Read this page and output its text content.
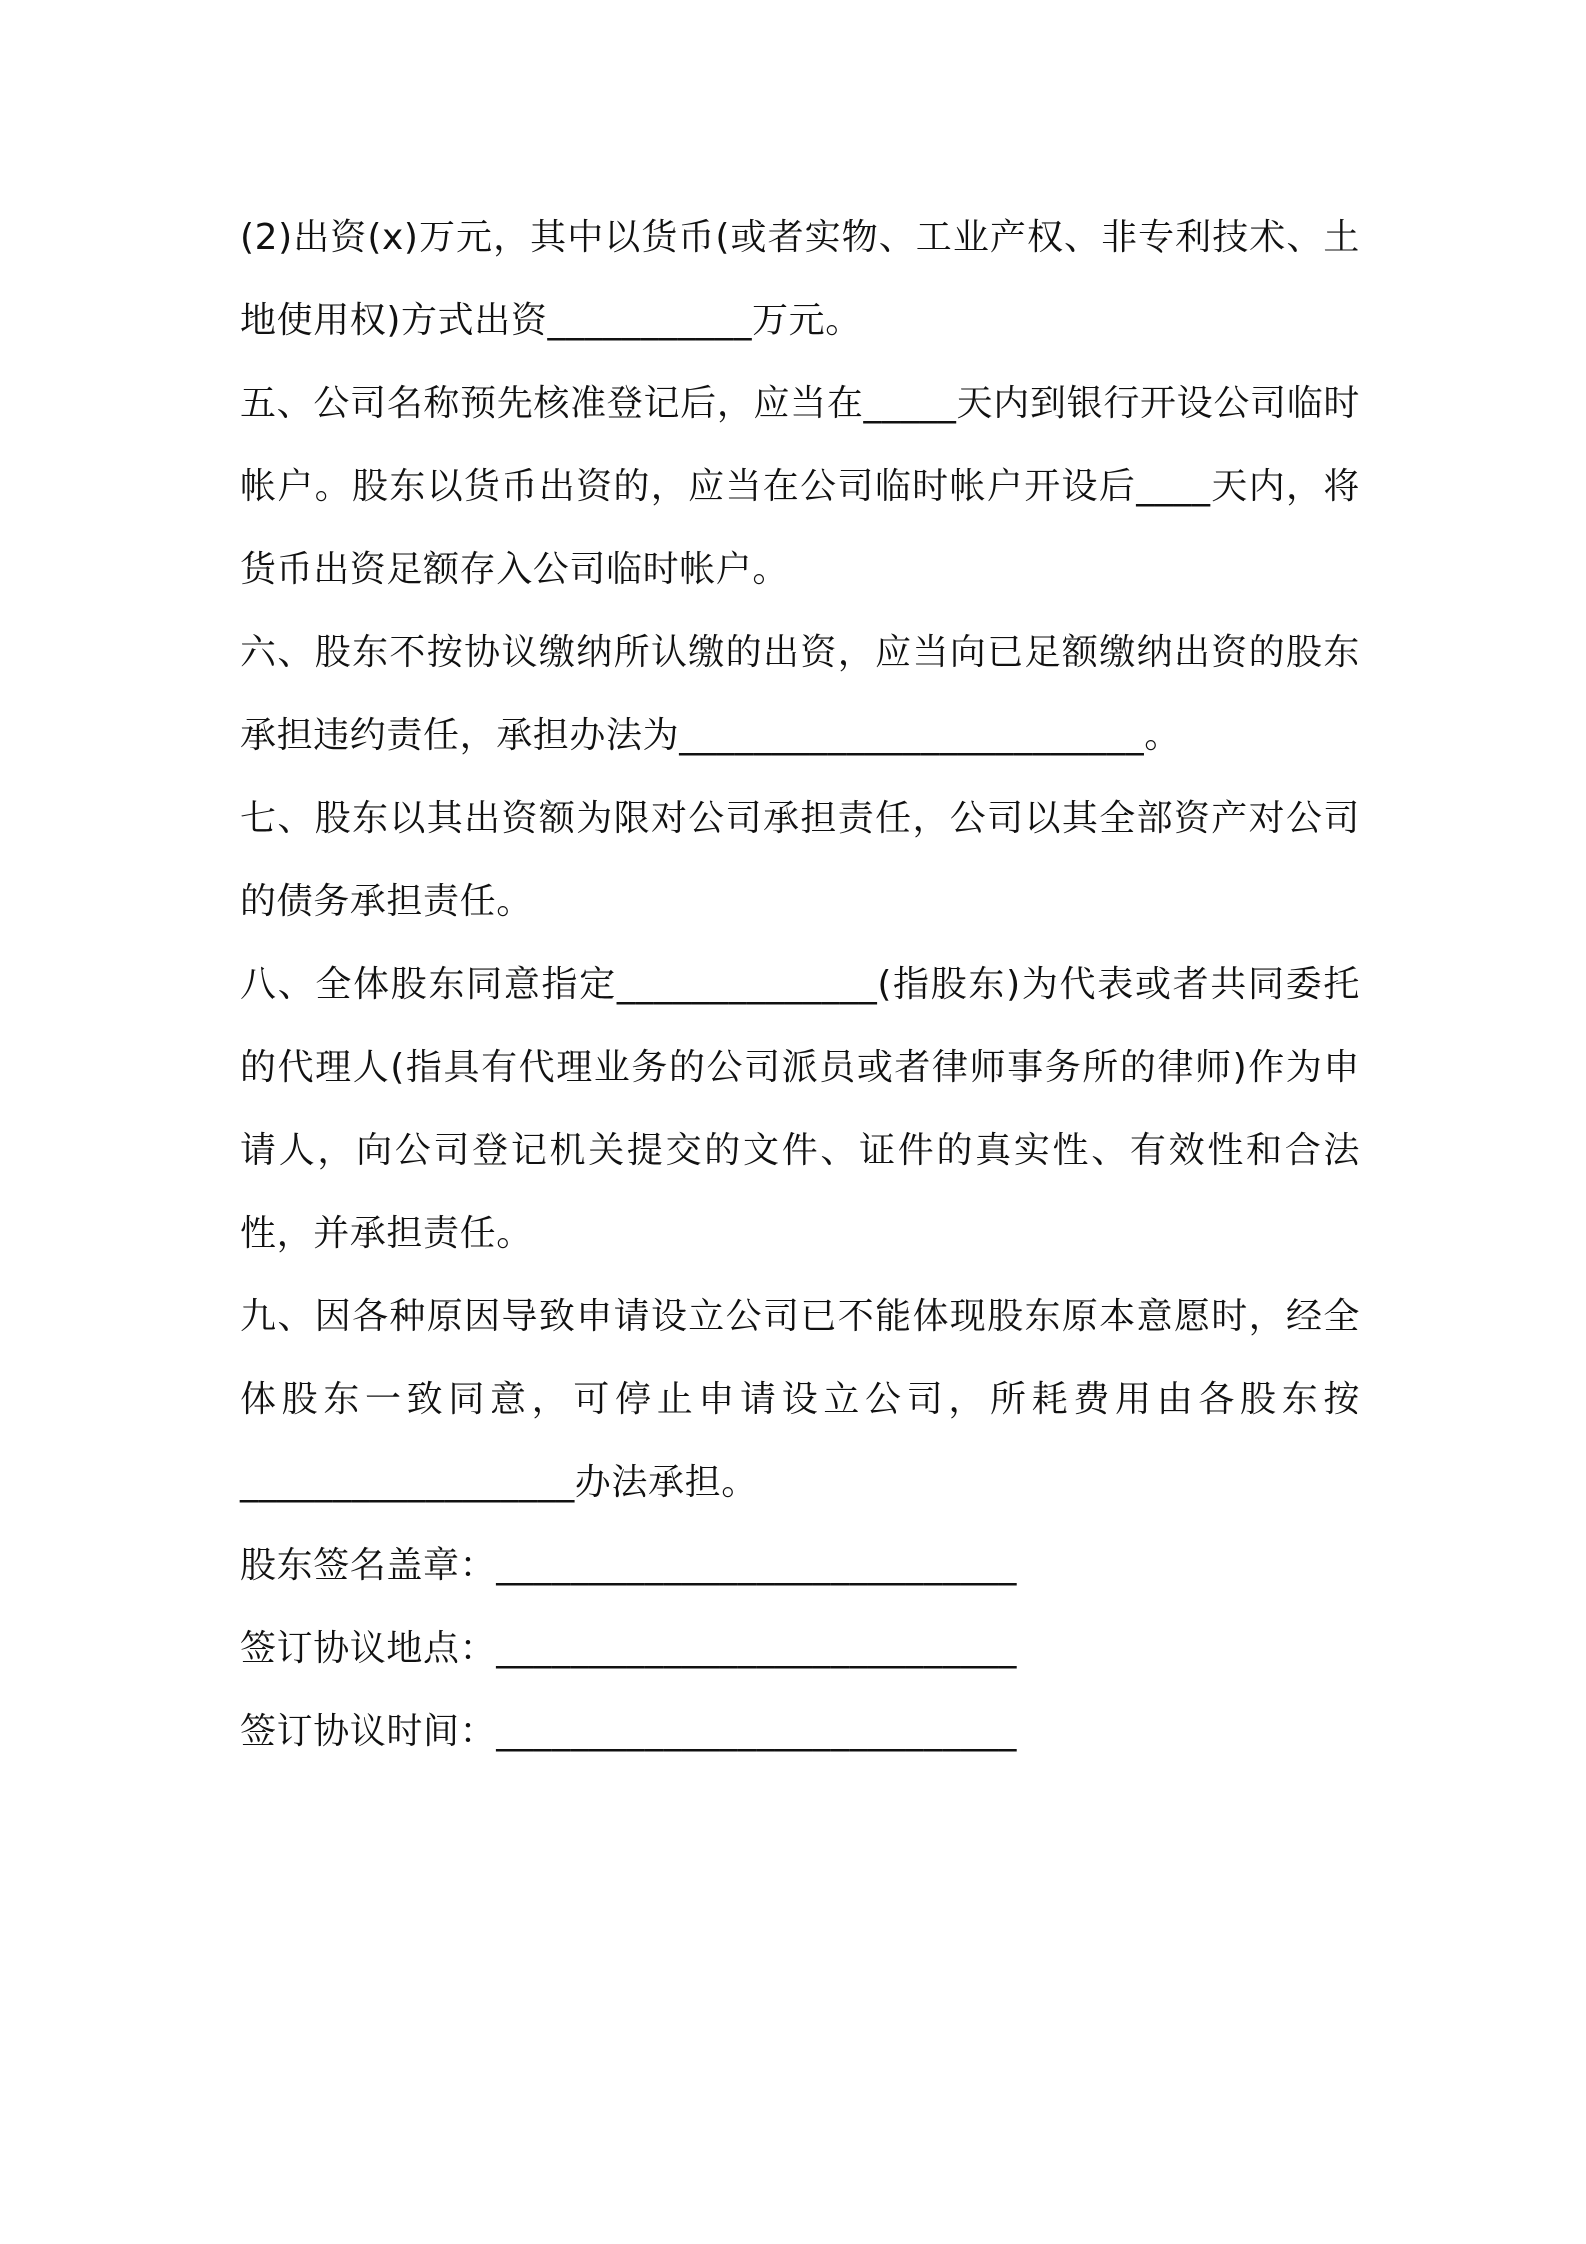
(2)出资(x)万元，其中以货币(或者实物、工业产权、非专利技术、土地使用权)方式出资___________万元。

五、公司名称预先核准登记后，应当在_____天内到银行开设公司临时帐户。股东以货币出资的，应当在公司临时帐户开设后____天内，将货币出资足额存入公司临时帐户。

六、股东不按协议缴纳所认缴的出资，应当向已足额缴纳出资的股东承担违约责任，承担办法为_________________________。

七、股东以其出资额为限对公司承担责任，公司以其全部资产对公司的债务承担责任。

八、全体股东同意指定______________(指股东)为代表或者共同委托的代理人(指具有代理业务的公司派员或者律师事务所的律师)作为申请人，向公司登记机关提交的文件、证件的真实性、有效性和合法性，并承担责任。

九、因各种原因导致申请设立公司已不能体现股东原本意愿时，经全体股东一致同意，可停止申请设立公司，所耗费用由各股东按__________________办法承担。

股东签名盖章：____________________________

签订协议地点：____________________________

签订协议时间：____________________________
